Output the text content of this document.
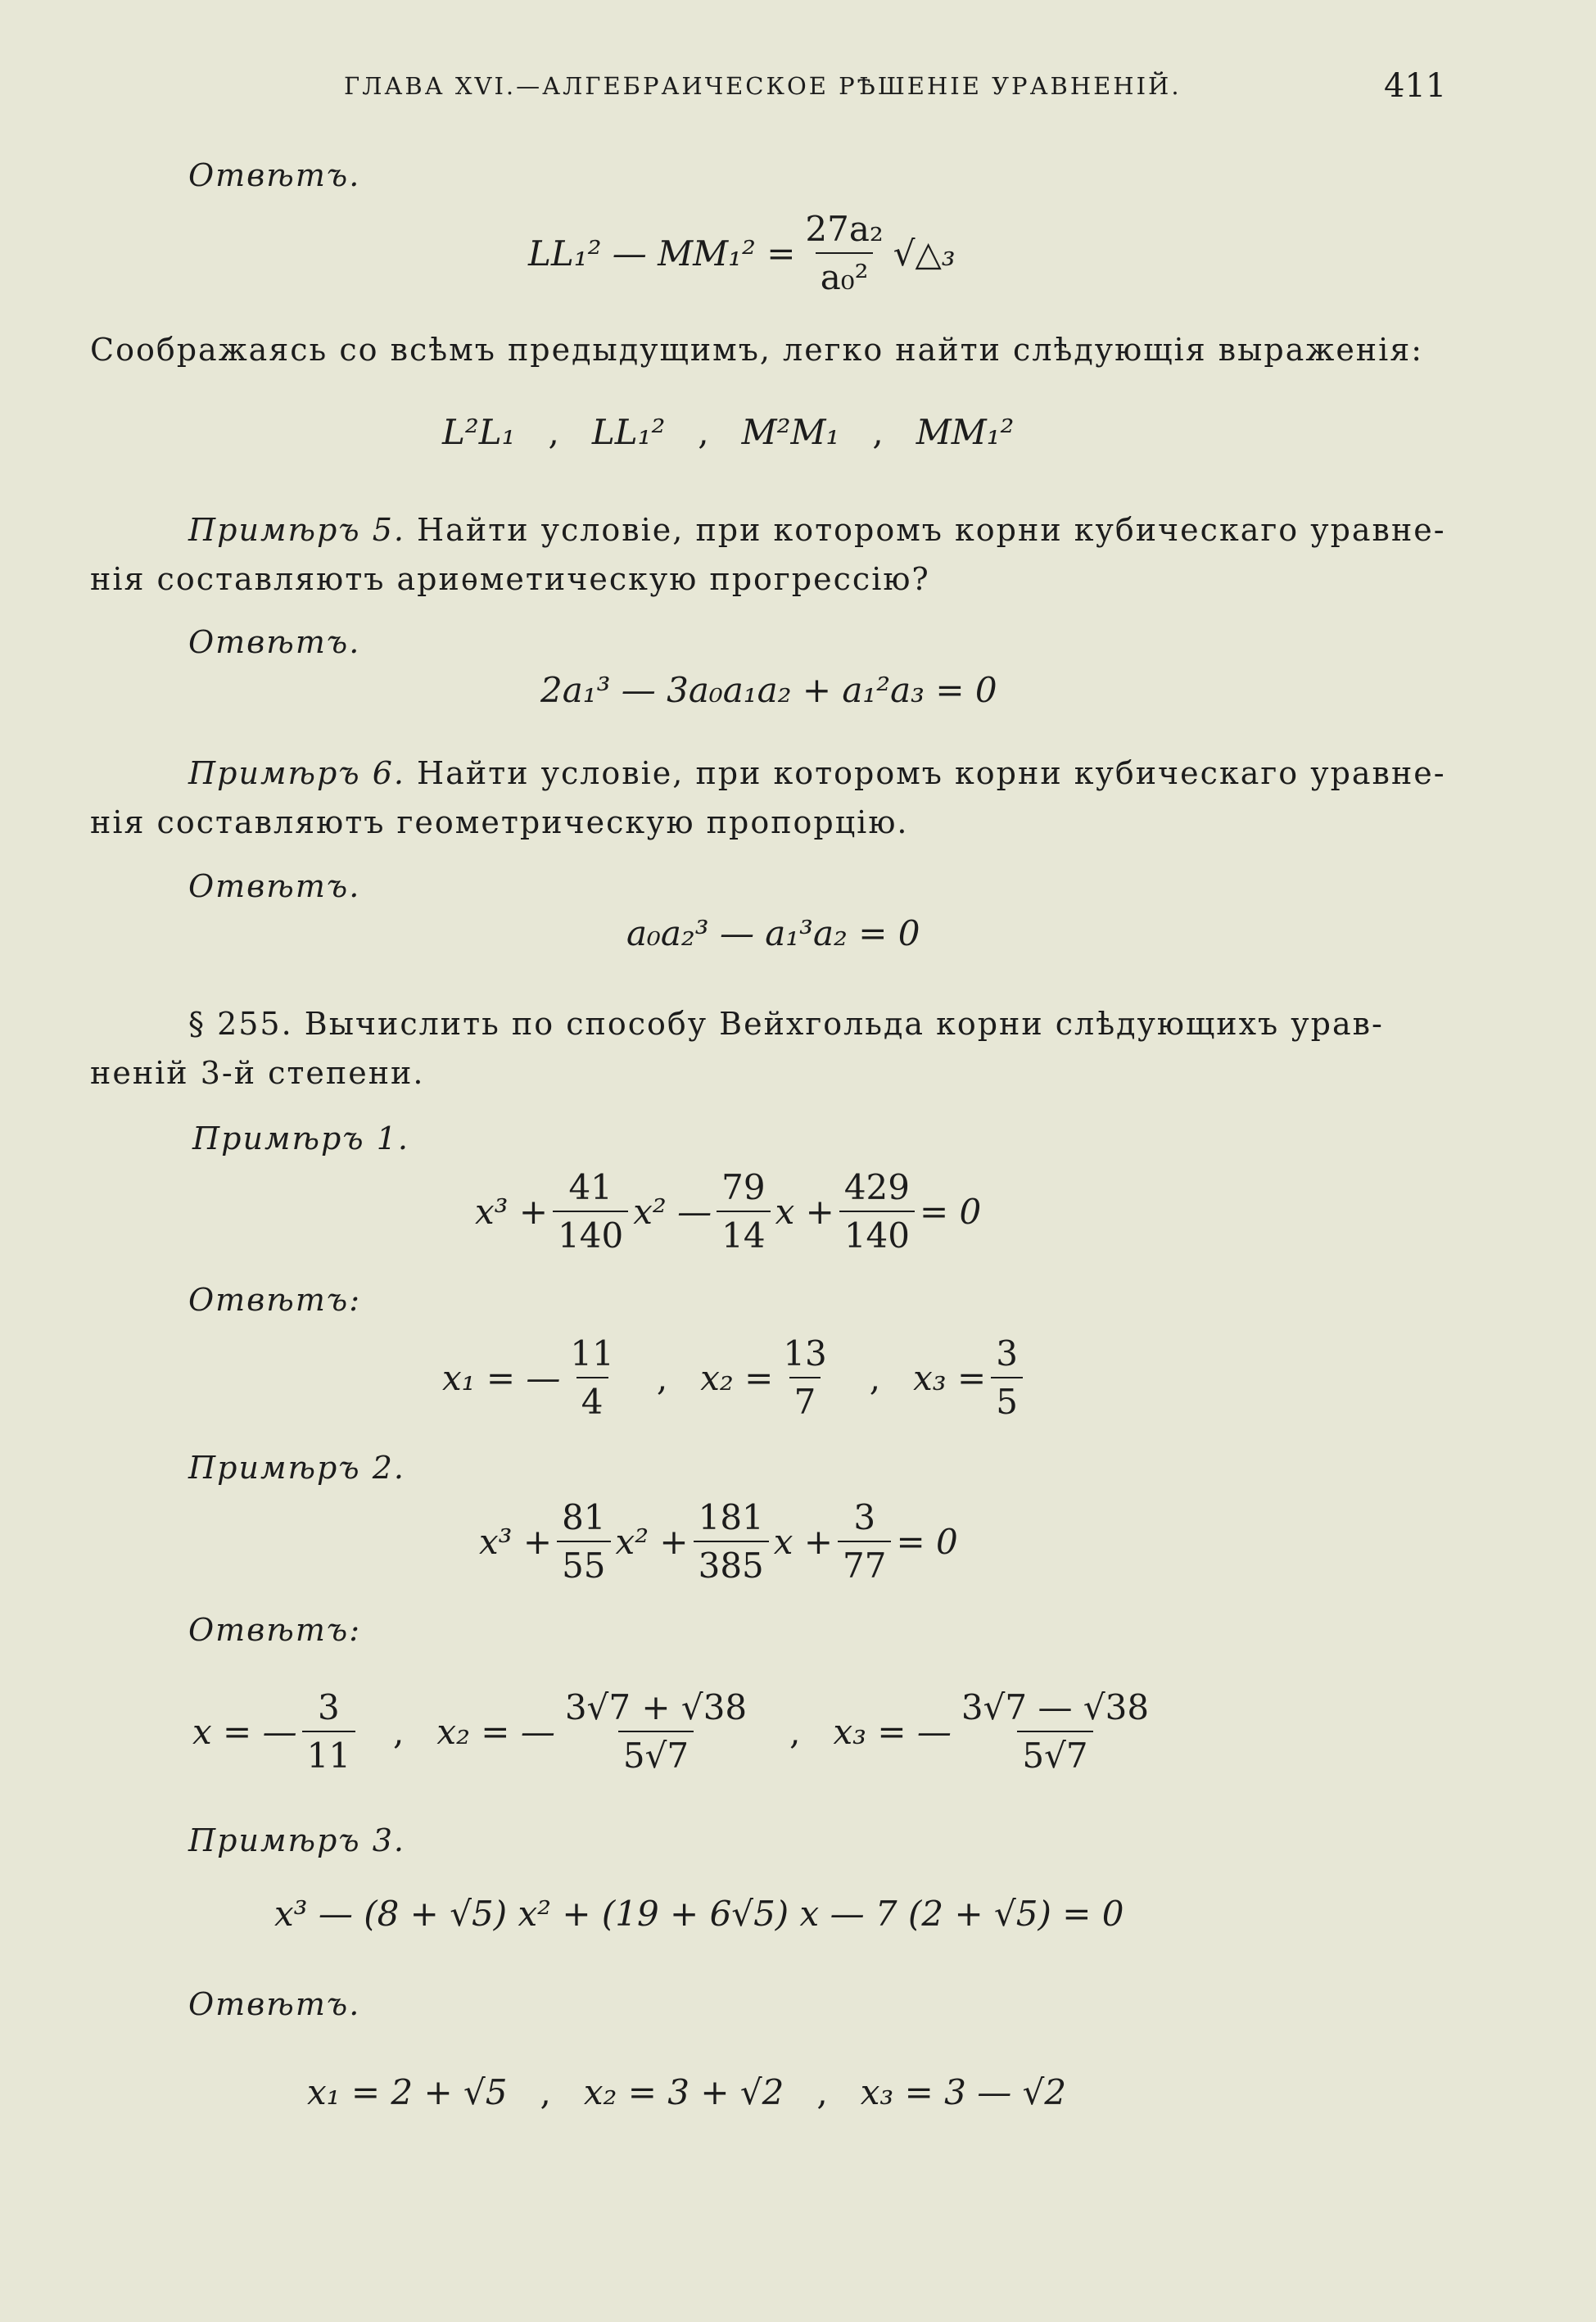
ГЛАВА XVI.—АЛГЕБРАИЧЕСКОЕ РѢШЕНІЕ УРАВНЕНІЙ.	411
Отвѣтъ.
LL₁² — $MM_1^2 = \frac{\text{27a₂}}{\text{a₀²}}$ √△₃
Соображаясь со всѣмъ предыдущимъ, легко найти слѣдующія выраженія:
L²L₁ , LL₁² , M²M₁ , MM₁²
Примѣръ 5. Найти условіе, при которомъ корни кубическаго уравне-
нія составляютъ ариѳметическую прогрессію?
Отвѣтъ.
2a₁³ — 3a₀a₁a₂ + a₁²a₃ = 0
Примѣръ 6. Найти условіе, при которомъ корни кубическаго уравне-
нія составляютъ геометрическую пропорцію.
Отвѣтъ.
a₀a₂³ — a₁³a₂ = 0
§ 255. Вычислить по способу Вейхгольда корни слѣдующихъ урав-
неній 3-й степени.
Примѣръ 1.
$x^3 + \frac{41}{140} x^2$ — $\frac{79}{14}$ $x + \frac{429}{140} = 0$
Отвѣтъ:
x₁ = — $\frac{11}{4}$ , $x_2 = \frac{13}{7}$ , $x_3 = \frac{3}{5}$
Примѣръ 2.
$x^3 + \frac{81}{55} x^2 + \frac{181}{385}$ $x + \frac{3}{77} = 0$
Отвѣтъ:
x = — $\frac{3}{11}$ , x₂ = — $\frac{3√7 + √38}{5√7}$ , x₃ = — $\frac{3√7 — √38}{5√7}$
Примѣръ 3.
x³ — (8 + √5) x² + (19 + 6√5) x — 7 (2 + √5) = 0
Отвѣтъ.
x₁ = 2 + √5 , x₂ = 3 + √2 , x₃ = 3 — √2
